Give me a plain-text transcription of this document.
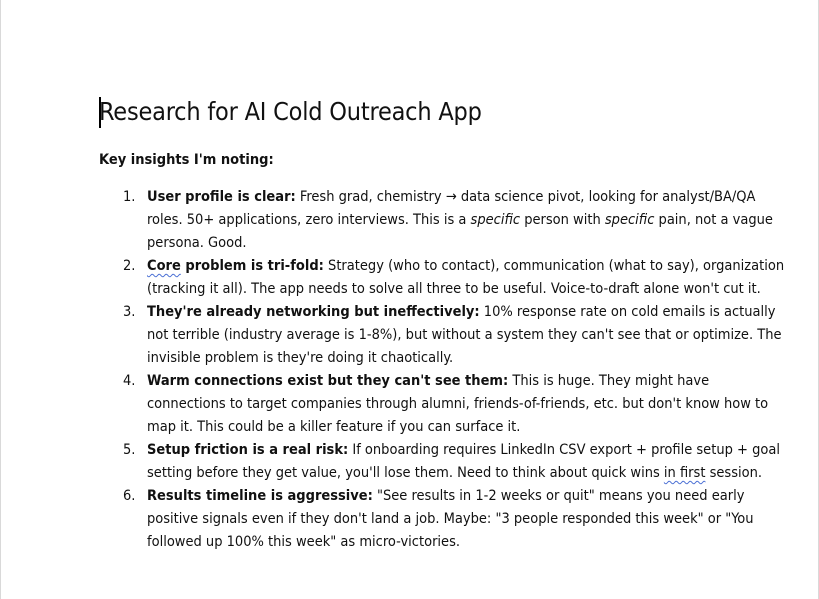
Research for AI Cold Outreach App

Key insights I'm noting:

1. User profile is clear: Fresh grad, chemistry → data science pivot, looking for analyst/BA/QA roles. 50+ applications, zero interviews. This is a specific person with specific pain, not a vague persona. Good.
2. Core problem is tri-fold: Strategy (who to contact), communication (what to say), organization (tracking it all). The app needs to solve all three to be useful. Voice-to-draft alone won't cut it.
3. They're already networking but ineffectively: 10% response rate on cold emails is actually not terrible (industry average is 1-8%), but without a system they can't see that or optimize. The invisible problem is they're doing it chaotically.
4. Warm connections exist but they can't see them: This is huge. They might have connections to target companies through alumni, friends-of-friends, etc. but don't know how to map it. This could be a killer feature if you can surface it.
5. Setup friction is a real risk: If onboarding requires LinkedIn CSV export + profile setup + goal setting before they get value, you'll lose them. Need to think about quick wins in first session.
6. Results timeline is aggressive: "See results in 1-2 weeks or quit" means you need early positive signals even if they don't land a job. Maybe: "3 people responded this week" or "You followed up 100% this week" as micro-victories.
